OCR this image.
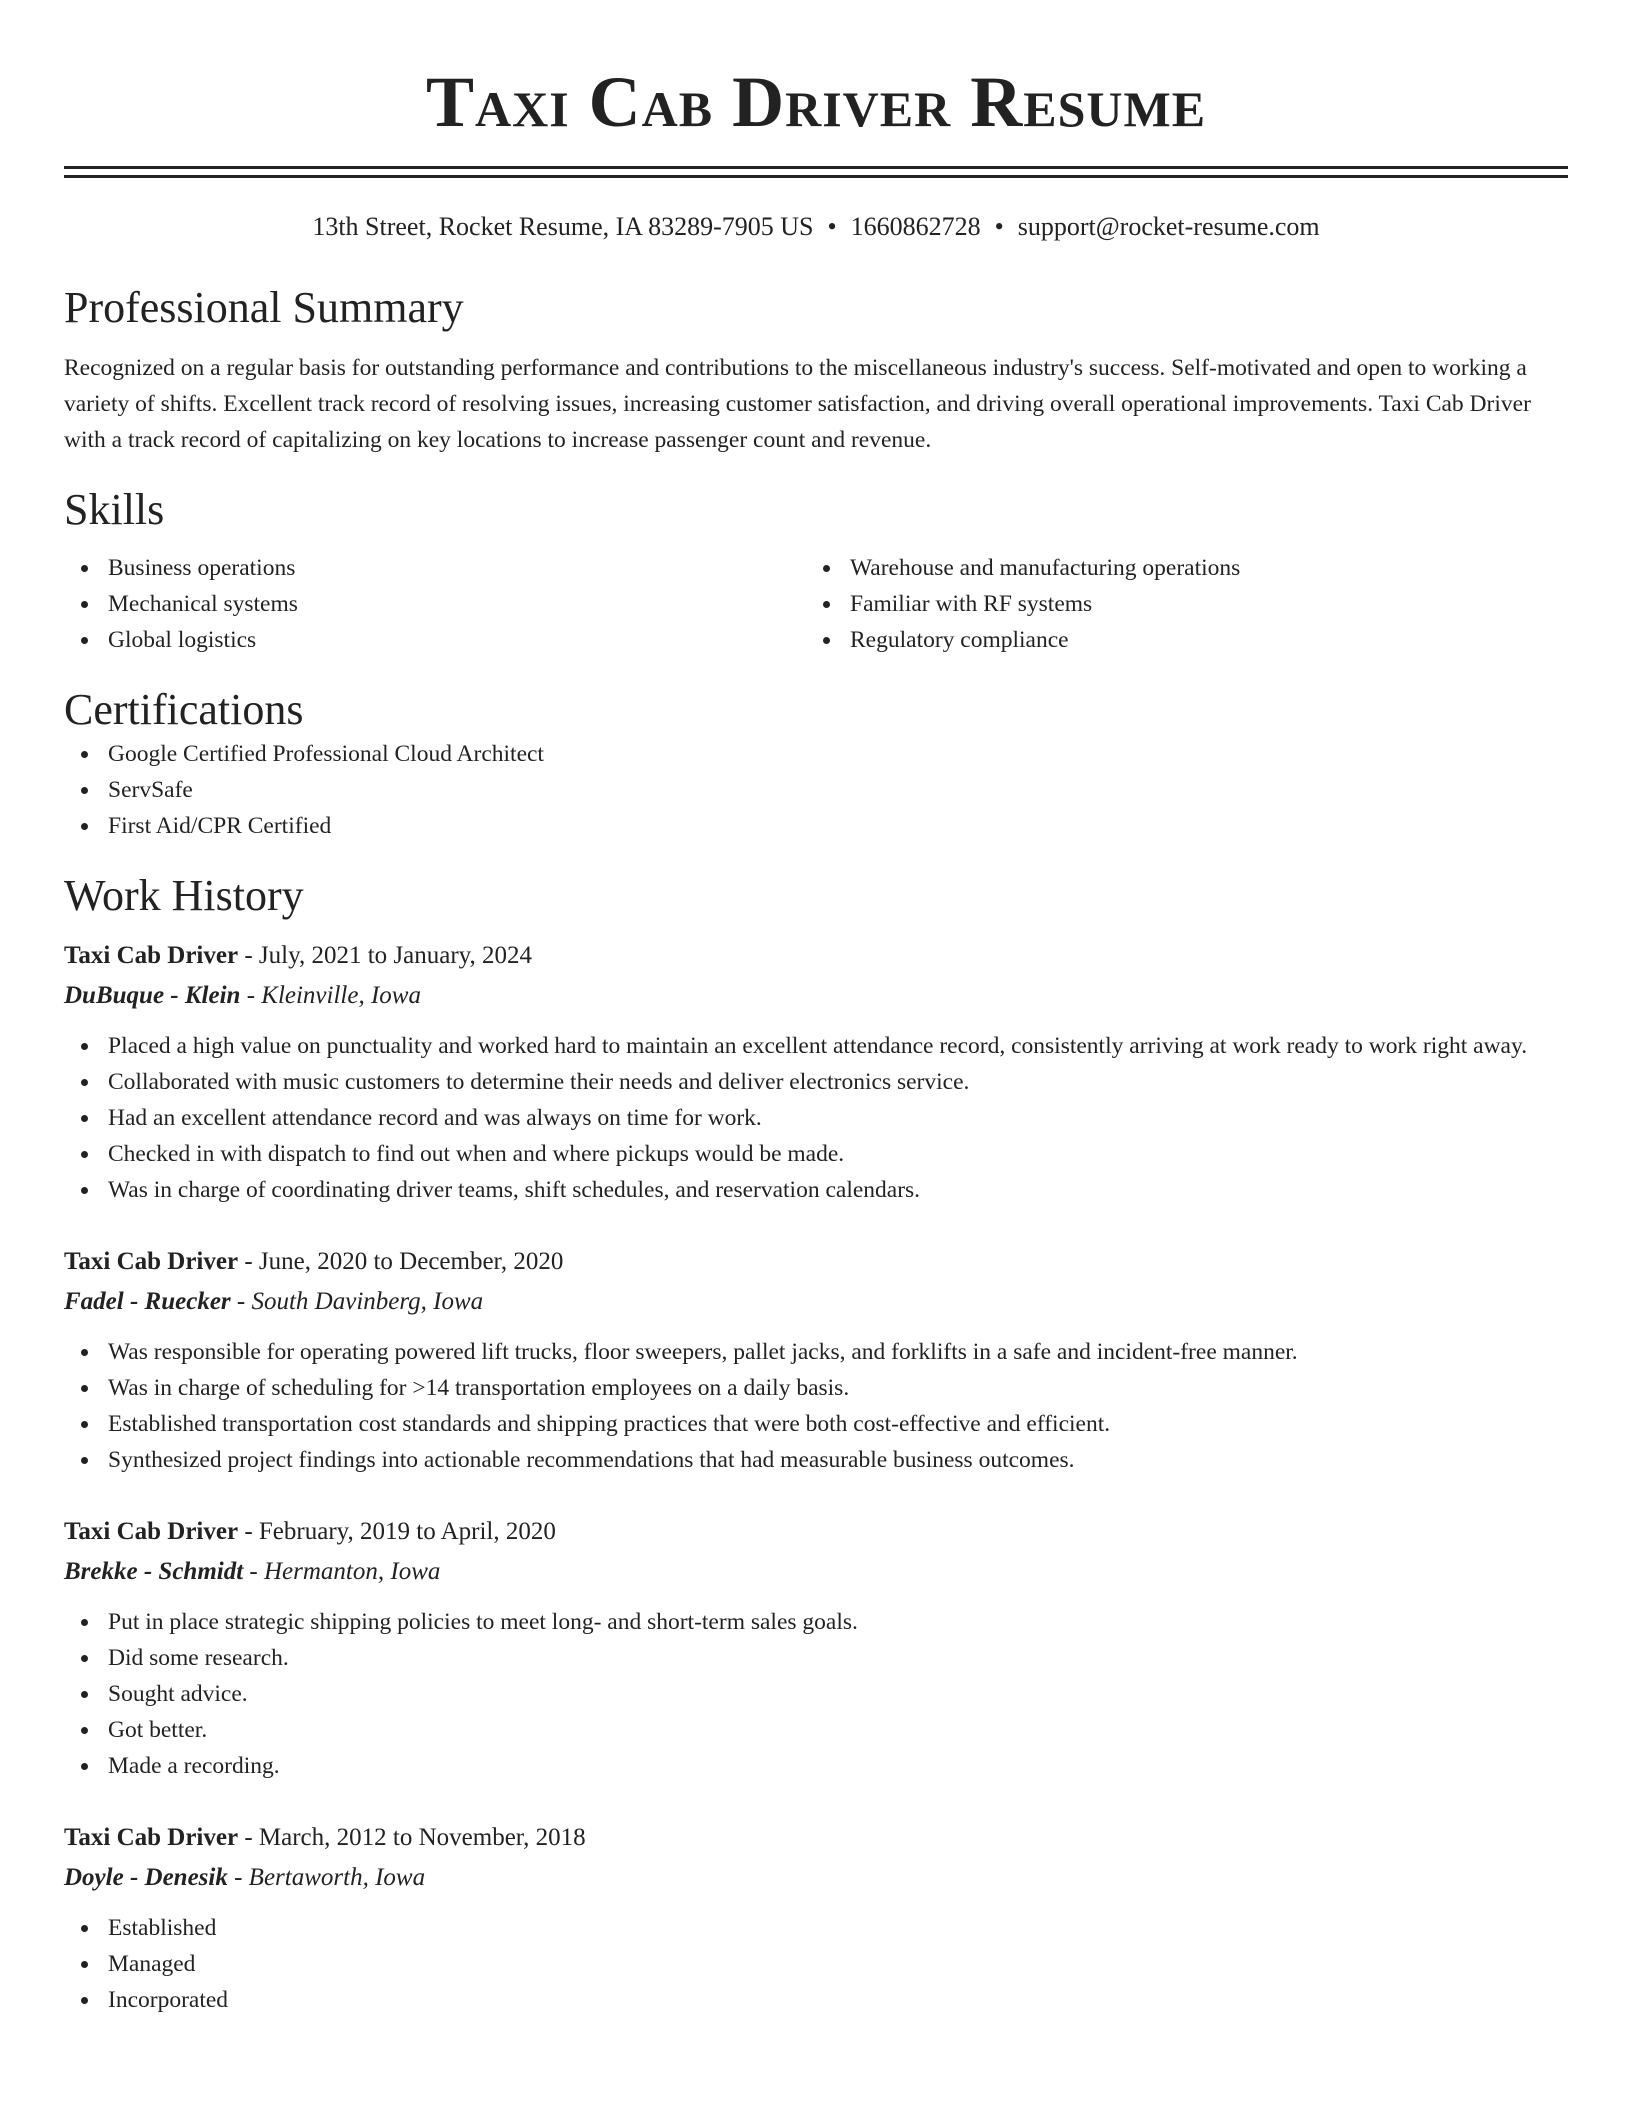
Taxi Cab Driver Resume
13th Street, Rocket Resume, IA 83289-7905 US • 1660862728 • support@rocket-resume.com
Professional Summary
Recognized on a regular basis for outstanding performance and contributions to the miscellaneous industry's success. Self-motivated and open to working a variety of shifts. Excellent track record of resolving issues, increasing customer satisfaction, and driving overall operational improvements. Taxi Cab Driver with a track record of capitalizing on key locations to increase passenger count and revenue.
Skills
Business operations
Mechanical systems
Global logistics
Warehouse and manufacturing operations
Familiar with RF systems
Regulatory compliance
Certifications
Google Certified Professional Cloud Architect
ServSafe
First Aid/CPR Certified
Work History
Taxi Cab Driver - July, 2021 to January, 2024
DuBuque - Klein - Kleinville, Iowa
Placed a high value on punctuality and worked hard to maintain an excellent attendance record, consistently arriving at work ready to work right away.
Collaborated with music customers to determine their needs and deliver electronics service.
Had an excellent attendance record and was always on time for work.
Checked in with dispatch to find out when and where pickups would be made.
Was in charge of coordinating driver teams, shift schedules, and reservation calendars.
Taxi Cab Driver - June, 2020 to December, 2020
Fadel - Ruecker - South Davinberg, Iowa
Was responsible for operating powered lift trucks, floor sweepers, pallet jacks, and forklifts in a safe and incident-free manner.
Was in charge of scheduling for >14 transportation employees on a daily basis.
Established transportation cost standards and shipping practices that were both cost-effective and efficient.
Synthesized project findings into actionable recommendations that had measurable business outcomes.
Taxi Cab Driver - February, 2019 to April, 2020
Brekke - Schmidt - Hermanton, Iowa
Put in place strategic shipping policies to meet long- and short-term sales goals.
Did some research.
Sought advice.
Got better.
Made a recording.
Taxi Cab Driver - March, 2012 to November, 2018
Doyle - Denesik - Bertaworth, Iowa
Established
Managed
Incorporated
